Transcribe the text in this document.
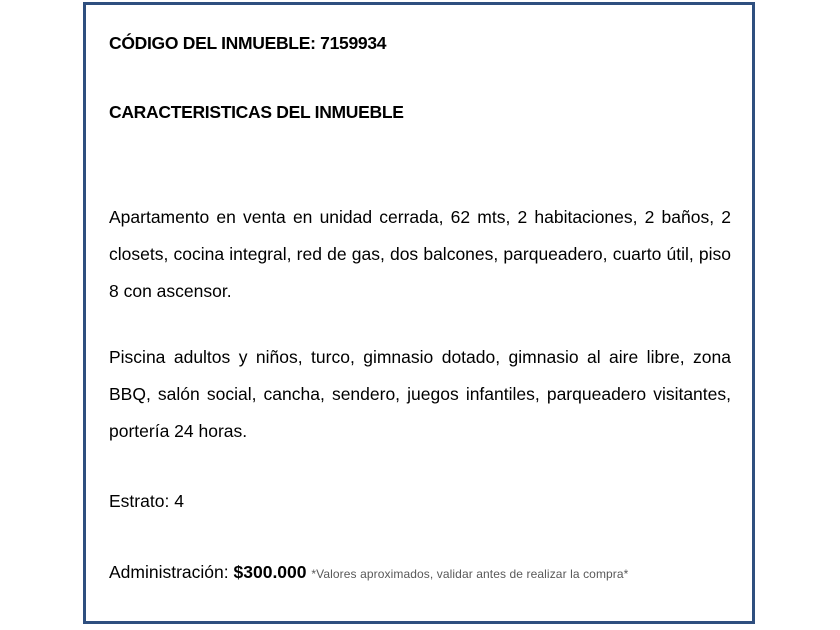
CÓDIGO DEL INMUEBLE: 7159934
CARACTERISTICAS DEL INMUEBLE
Apartamento en venta en unidad cerrada, 62 mts, 2 habitaciones, 2 baños, 2 closets, cocina integral, red de gas, dos balcones, parqueadero, cuarto útil, piso 8 con ascensor.
Piscina adultos y niños, turco, gimnasio dotado, gimnasio al aire libre, zona BBQ, salón social, cancha, sendero, juegos infantiles, parqueadero visitantes, portería 24 horas.
Estrato: 4
Administración: $300.000 *Valores aproximados, validar antes de realizar la compra*
